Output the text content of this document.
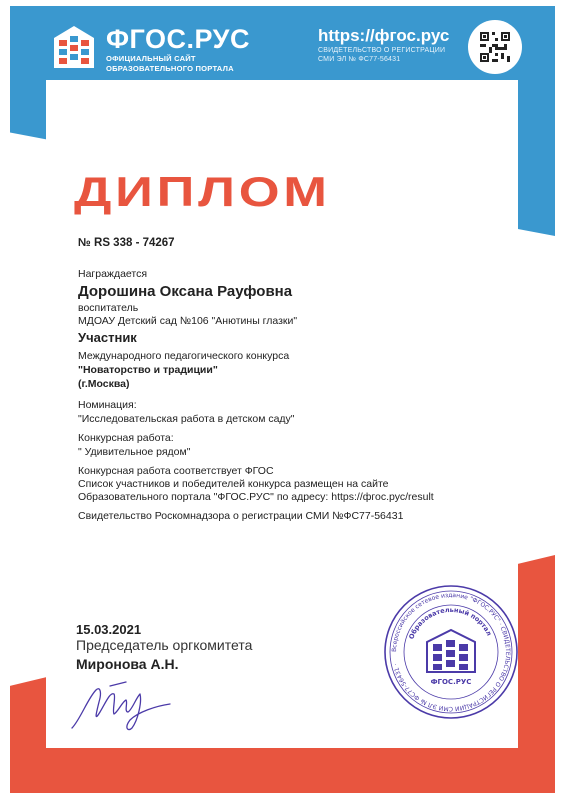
ФГОС.РУС
ОФИЦИАЛЬНЫЙ САЙТ
ОБРАЗОВАТЕЛЬНОГО ПОРТАЛА
https://фгос.рус
СВИДЕТЕЛЬСТВО О РЕГИСТРАЦИИ
СМИ ЭЛ № ФС77-56431
ДИПЛОМ
№ RS 338 - 74267
Награждается
Дорошина Оксана Рауфовна
воспитатель
МДОАУ Детский сад №106 "Анютины глазки"
Участник
Международного педагогического конкурса
"Новаторство и традиции"
(г.Москва)
Номинация:
"Исследовательская работа в детском саду"
Конкурсная работа:
" Удивительное рядом"
Конкурсная работа соответствует ФГОС
Список участников и победителей конкурса размещен на сайте
Образовательного портала "ФГОС.РУС" по адресу: https://фгос.рус/result
Свидетельство Роскомнадзора о регистрации СМИ №ФС77-56431
15.03.2021
Председатель оргкомитета
Миронова А.Н.
Всероссийское сетевое издание "ФГОС.РУС" · СВИДЕТЕЛЬСТВО О РЕГИСТРАЦИИ СМИ ЭЛ № ФС77-56431 ·
Образовательный портал
ФГОС.РУС
